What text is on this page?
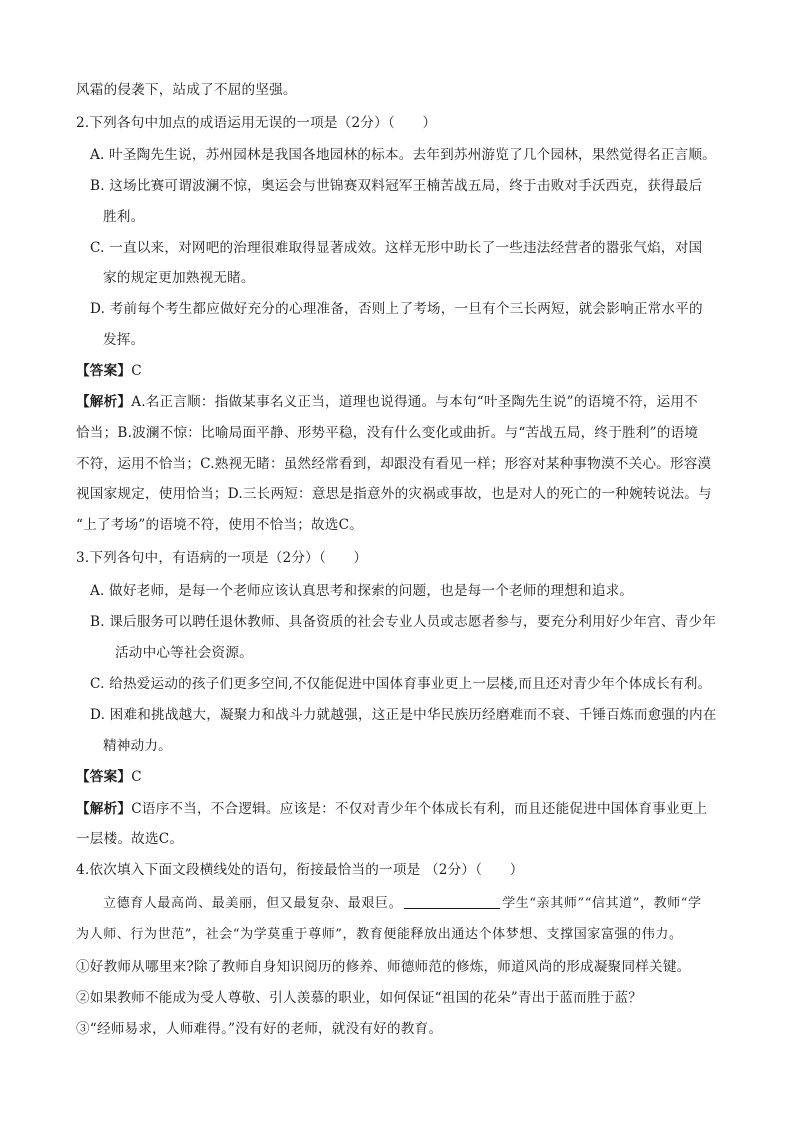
风霜的侵袭下，站成了不屈的坚强。
2.下列各句中加点的成语运用无误的一项是（2分）（　　）
A. 叶圣陶先生说，苏州园林是我国各地园林的标本。去年到苏州游览了几个园林，果然觉得名正言顺。
B. 这场比赛可谓波澜不惊，奥运会与世锦赛双料冠军王楠苦战五局，终于击败对手沃西克，获得最后
胜利。
C. 一直以来，对网吧的治理很难取得显著成效。这样无形中助长了一些违法经营者的嚣张气焰，对国
家的规定更加熟视无睹。
D. 考前每个考生都应做好充分的心理准备，否则上了考场，一旦有个三长两短，就会影响正常水平的
发挥。
【答案】C
【解析】A.名正言顺：指做某事名义正当，道理也说得通。与本句“叶圣陶先生说”的语境不符，运用不
恰当；B.波澜不惊：比喻局面平静、形势平稳，没有什么变化或曲折。与“苦战五局，终于胜利”的语境
不符，运用不恰当；C.熟视无睹：虽然经常看到，却跟没有看见一样；形容对某种事物漠不关心。形容漠
视国家规定，使用恰当；D.三长两短：意思是指意外的灾祸或事故，也是对人的死亡的一种婉转说法。与
“上了考场”的语境不符，使用不恰当；故选C。
3.下列各句中，有语病的一项是（2分）（　　）
A. 做好老师，是每一个老师应该认真思考和探索的问题，也是每一个老师的理想和追求。
B. 课后服务可以聘任退休教师、具备资质的社会专业人员或志愿者参与，要充分利用好少年宫、青少年
活动中心等社会资源。
C. 给热爱运动的孩子们更多空间,不仅能促进中国体育事业更上一层楼,而且还对青少年个体成长有利。
D. 困难和挑战越大，凝聚力和战斗力就越强，这正是中华民族历经磨难而不衰、千锤百炼而愈强的内在
精神动力。
【答案】C
【解析】C语序不当，不合逻辑。应该是：不仅对青少年个体成长有利，而且还能促进中国体育事业更上
一层楼。故选C。
4.依次填入下面文段横线处的语句，衔接最恰当的一项是 （2分）（　　）
立德育人最高尚、最美丽，但又最复杂、最艰巨。	学生“亲其师”“信其道”，教师“学
为人师、行为世范”，社会“为学莫重于尊师”，教育便能释放出通达个体梦想、支撑国家富强的伟力。
①好教师从哪里来?除了教师自身知识阅历的修养、师德师范的修炼，师道风尚的形成凝聚同样关键。
②如果教师不能成为受人尊敬、引人羡慕的职业，如何保证“祖国的花朵”青出于蓝而胜于蓝？
③“经师易求，人师难得。”没有好的老师，就没有好的教育。
